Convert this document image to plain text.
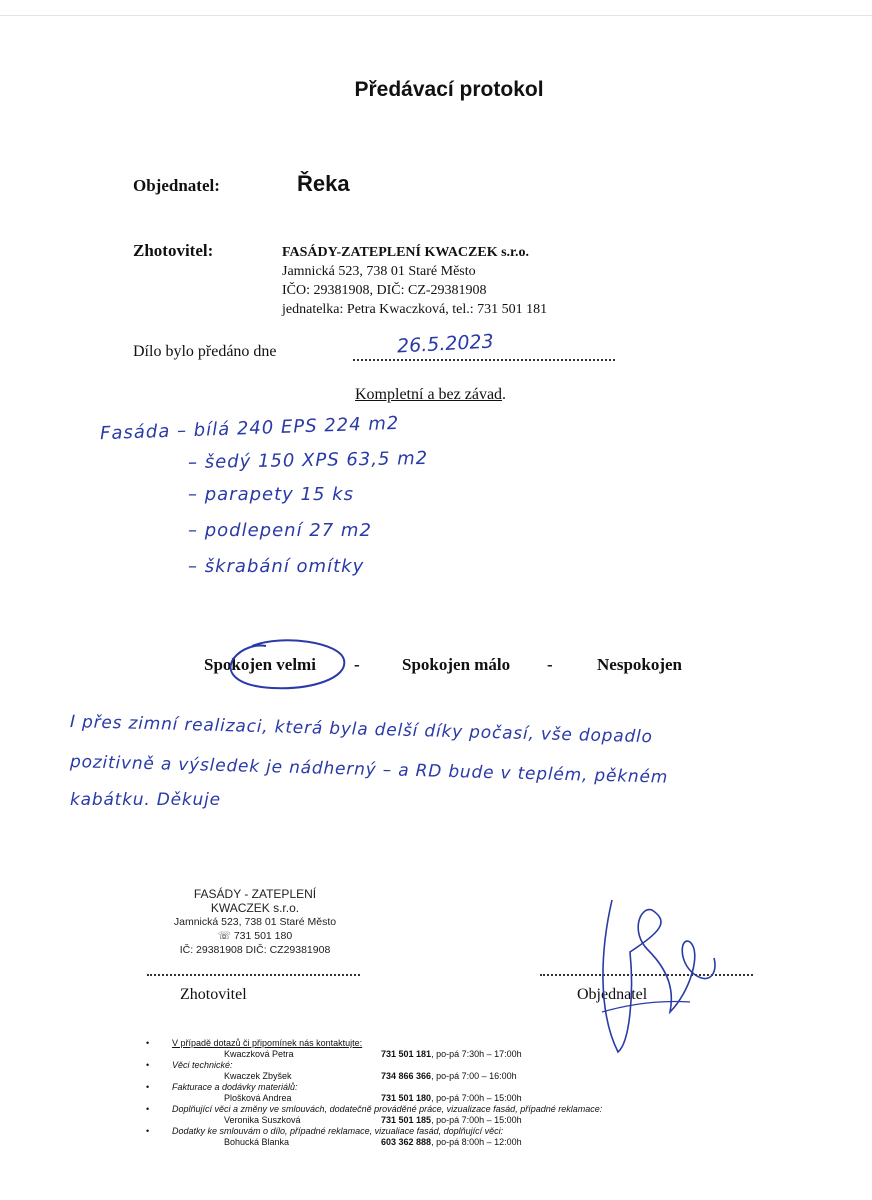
Předávací protokol
Objednatel:	Řeka
Zhotovitel:	FASÁDY-ZATEPLENÍ KWACZEK s.r.o.
Jamnická 523, 738 01 Staré Město
IČO: 29381908, DIČ: CZ-29381908
jednatelka: Petra Kwaczková, tel.: 731 501 181
Dílo bylo předáno dne	26.5.2023
Kompletní a bez závad.
Fasáda – bílá 240 EPS 224 m2
– šedý 150 XPS 63,5 m2
– parapety 15 ks
– podlepení 27 m2
– škrabání omítky
Spokojen velmi - Spokojen málo -	Nespokojen
I přes zimní realizaci, která byla delší díky počasí, vše dopadlo
pozitivně a výsledek je nádherný – a RD bude v teplém, pěkném
kabátku. Děkuje
FASÁDY - ZATEPLENÍ
KWACZEK s.r.o.
Jamnická 523, 738 01 Staré Město
☏ 731 501 180
IČ: 29381908 DIČ: CZ29381908
Zhotovitel	Objednatel
•	V případě dotazů či připomínek nás kontaktujte:
Kwaczková Petra	731 501 181, po-pá 7:30h – 17:00h
•	Věci technické:
Kwaczek Zbyšek	734 866 366, po-pá 7:00 – 16:00h
•	Fakturace a dodávky materiálů:
Plošková Andrea	731 501 180, po-pá 7:00h – 15:00h
•	Doplňující věci a změny ve smlouvách, dodatečně prováděné práce, vizualizace fasád, případné reklamace:
Veronika Suszková	731 501 185, po-pá 7:00h – 15:00h
•	Dodatky ke smlouvám o dílo, případné reklamace, vizualiace fasád, doplňující věci:
Bohucká Blanka	603 362 888, po-pá 8:00h – 12:00h
